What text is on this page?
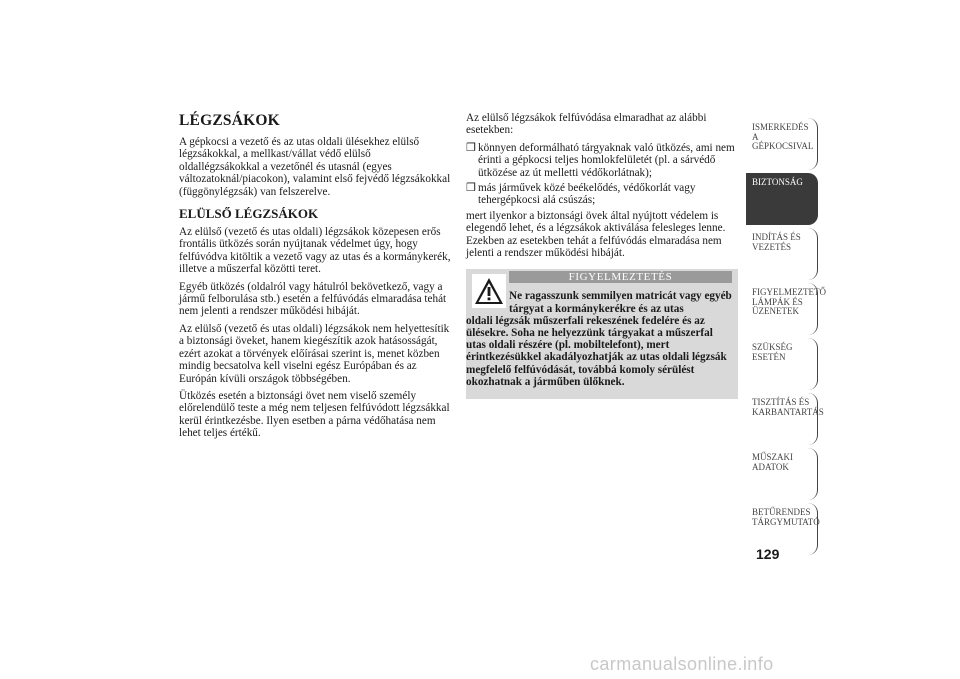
LÉGZSÁKOK

A gépkocsi a vezető és az utas oldali ülésekhez elülső légzsákokkal, a mellkast/vállat védő elülső oldallégzsákokkal a vezetőnél és utasnál (egyes változatoknál/piacokon), valamint első fejvédő légzsákokkal (függönylégzsák) van felszerelve.

ELÜLSŐ LÉGZSÁKOK

Az elülső (vezető és utas oldali) légzsákok közepesen erős frontális ütközés során nyújtanak védelmet úgy, hogy felfúvódva kitöltik a vezető vagy az utas és a kormánykerék, illetve a műszerfal közötti teret.

Egyéb ütközés (oldalról vagy hátulról bekövetkező, vagy a jármű felborulása stb.) esetén a felfúvódás elmaradása tehát nem jelenti a rendszer működési hibáját.

Az elülső (vezető és utas oldali) légzsákok nem helyettesítik a biztonsági öveket, hanem kiegészítik azok hatásosságát, ezért azokat a törvények előírásai szerint is, menet közben mindig becsatolva kell viselni egész Európában és az Európán kívüli országok többségében.

Ütközés esetén a biztonsági övet nem viselő személy előrelendülő teste a még nem teljesen felfúvódott légzsákkal kerül érintkezésbe. Ilyen esetben a párna védőhatása nem lehet teljes értékű.

Az elülső légzsákok felfúvódása elmaradhat az alábbi esetekben:

❒ könnyen deformálható tárgyaknak való ütközés, ami nem érinti a gépkocsi teljes homlokfelületét (pl. a sárvédő ütközése az út melletti védőkorlátnak);
❒ más járművek közé beékelődés, védőkorlát vagy tehergépkocsi alá csúszás;

mert ilyenkor a biztonsági övek által nyújtott védelem is elegendő lehet, és a légzsákok aktiválása felesleges lenne. Ezekben az esetekben tehát a felfúvódás elmaradása nem jelenti a rendszer működési hibáját.

FIGYELMEZTETÉS
Ne ragasszunk semmilyen matricát vagy egyéb tárgyat a kormánykerékre és az utas
oldali légzsák műszerfali rekeszének fedelére és az ülésekre. Soha ne helyezzünk tárgyakat a műszerfal utas oldali részére (pl. mobiltelefont), mert érintkezésükkel akadályozhatják az utas oldali légzsák megfelelő felfúvódását, továbbá komoly sérülést okozhatnak a járműben ülőknek.
ISMERKEDÉS A GÉPKOCSIVAL
BIZTONSÁG
INDÍTÁS ÉS VEZETÉS
FIGYELMEZTETŐ LÁMPÁK ÉS ÜZENETEK
SZÜKSÉG ESETÉN
TISZTÍTÁS ÉS KARBANTARTÁS
MŰSZAKI ADATOK
BETŰRENDES TÁRGYMUTATÓ
129
carmanualsonline.info
